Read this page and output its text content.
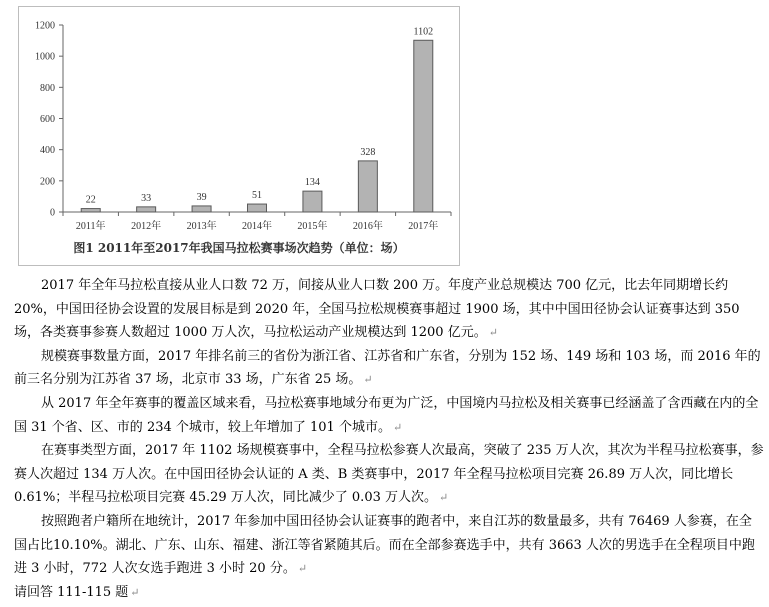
0
200
400
600
800
1000
1200
22
2011年
33
2012年
39
2013年
51
2014年
134
2015年
328
2016年
1102
2017年
图1 2011年至2017年我国马拉松赛事场次趋势（单位：场）

2017 年全年马拉松直接从业人口数 72 万，间接从业人口数 200 万。年度产业总规模达 700 亿元，比去年同期增长约20%，中国田径协会设置的发展目标是到 2020 年，全国马拉松规模赛事超过 1900 场，其中中国田径协会认证赛事达到 350 场，各类赛事参赛人数超过 1000 万人次，马拉松运动产业规模达到 1200 亿元。 ↵

规模赛事数量方面，2017 年排名前三的省份为浙江省、江苏省和广东省，分别为 152 场、149 场和 103 场，而 2016 年的前三名分别为江苏省 37 场，北京市 33 场，广东省 25 场。 ↵

从 2017 年全年赛事的覆盖区域来看，马拉松赛事地域分布更为广泛，中国境内马拉松及相关赛事已经涵盖了含西藏在内的全国 31 个省、区、市的 234 个城市，较上年增加了 101 个城市。 ↵

在赛事类型方面，2017 年 1102 场规模赛事中，全程马拉松参赛人次最高，突破了 235 万人次，其次为半程马拉松赛事，参赛人次超过 134 万人次。在中国田径协会认证的 A 类、B 类赛事中，2017 年全程马拉松项目完赛 26.89 万人次，同比增长0.61%；半程马拉松项目完赛 45.29 万人次，同比减少了 0.03 万人次。 ↵

按照跑者户籍所在地统计，2017 年参加中国田径协会认证赛事的跑者中，来自江苏的数量最多，共有 76469 人参赛，在全国占比10.10%。湖北、广东、山东、福建、浙江等省紧随其后。而在全部参赛选手中，共有 3663 人次的男选手在全程项目中跑进 3 小时，772 人次女选手跑进 3 小时 20 分。 ↵

请回答 111-115 题 ↵
